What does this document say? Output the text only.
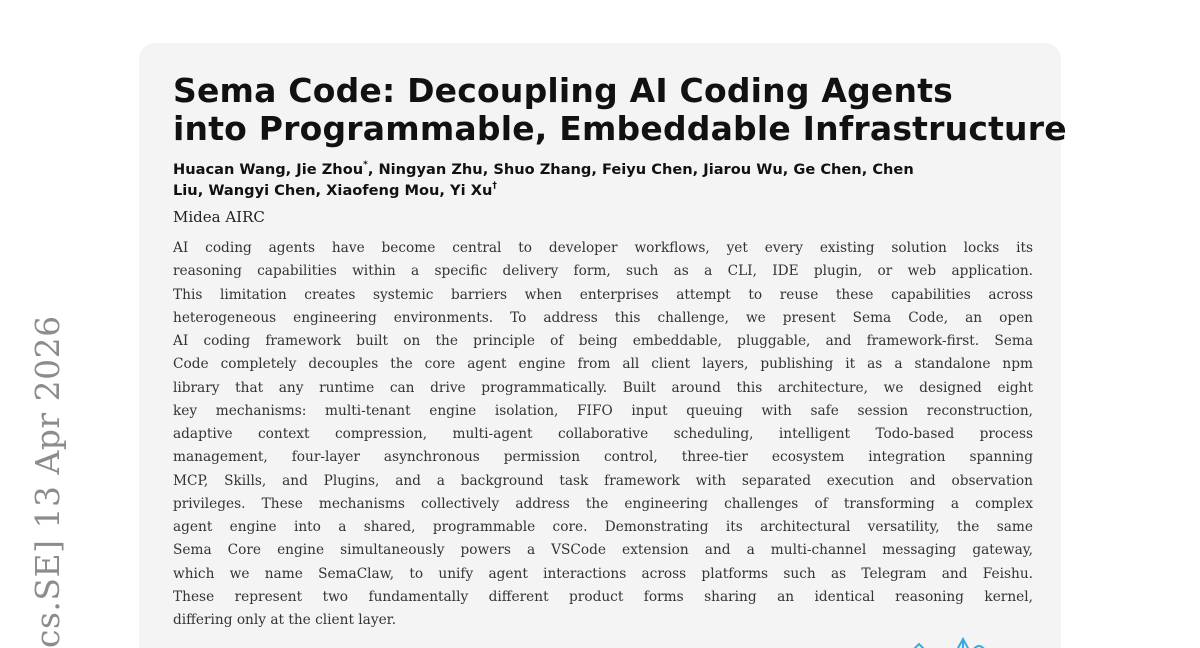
cs.SE] 13 Apr 2026
Sema Code: Decoupling AI Coding Agents
into Programmable, Embeddable Infrastructure
Huacan Wang, Jie Zhou*, Ningyan Zhu, Shuo Zhang, Feiyu Chen, Jiarou Wu, Ge Chen, Chen
Liu, Wangyi Chen, Xiaofeng Mou, Yi Xu†
Midea AIRC
AI coding agents have become central to developer workflows, yet every existing solution locks its
reasoning capabilities within a specific delivery form, such as a CLI, IDE plugin, or web application.
This limitation creates systemic barriers when enterprises attempt to reuse these capabilities across
heterogeneous engineering environments. To address this challenge, we present Sema Code, an open
AI coding framework built on the principle of being embeddable, pluggable, and framework-first. Sema
Code completely decouples the core agent engine from all client layers, publishing it as a standalone npm
library that any runtime can drive programmatically. Built around this architecture, we designed eight
key mechanisms: multi-tenant engine isolation, FIFO input queuing with safe session reconstruction,
adaptive context compression, multi-agent collaborative scheduling, intelligent Todo-based process
management, four-layer asynchronous permission control, three-tier ecosystem integration spanning
MCP, Skills, and Plugins, and a background task framework with separated execution and observation
privileges. These mechanisms collectively address the engineering challenges of transforming a complex
agent engine into a shared, programmable core. Demonstrating its architectural versatility, the same
Sema Core engine simultaneously powers a VSCode extension and a multi-channel messaging gateway,
which we name SemaClaw, to unify agent interactions across platforms such as Telegram and Feishu.
These represent two fundamentally different product forms sharing an identical reasoning kernel,
differing only at the client layer.
